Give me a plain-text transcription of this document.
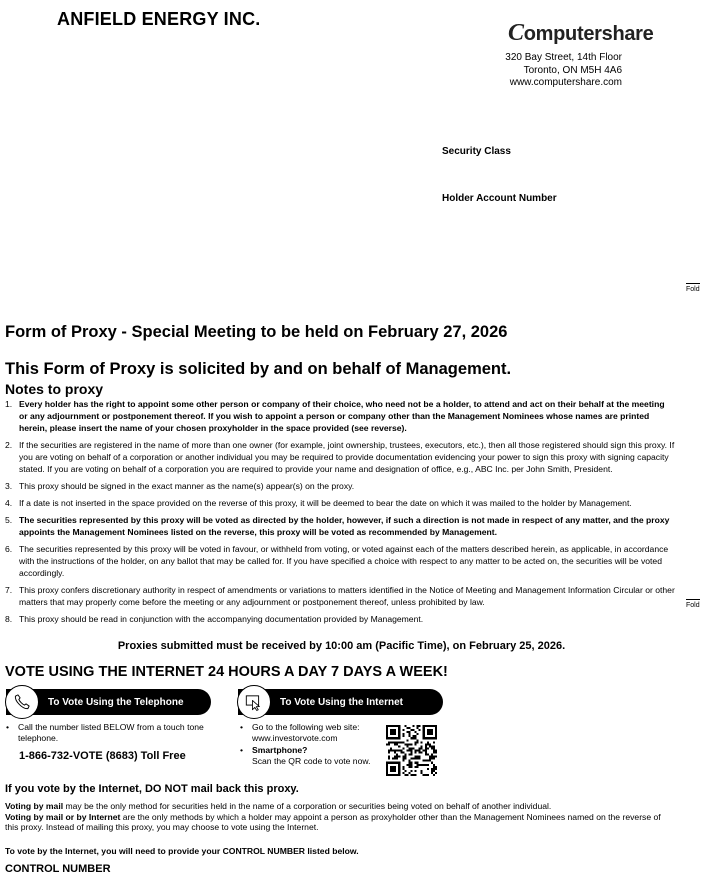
ANFIELD ENERGY INC.
Computershare
320 Bay Street, 14th Floor
Toronto, ON M5H 4A6
www.computershare.com
Security Class
Holder Account Number
Fold
Fold
Form of Proxy - Special Meeting to be held on February 27, 2026
This Form of Proxy is solicited by and on behalf of Management.
Notes to proxy
1. Every holder has the right to appoint some other person or company of their choice, who need not be a holder, to attend and act on their behalf at the meeting or any adjournment or postponement thereof. If you wish to appoint a person or company other than the Management Nominees whose names are printed herein, please insert the name of your chosen proxyholder in the space provided (see reverse).
2. If the securities are registered in the name of more than one owner (for example, joint ownership, trustees, executors, etc.), then all those registered should sign this proxy. If you are voting on behalf of a corporation or another individual you may be required to provide documentation evidencing your power to sign this proxy with signing capacity stated. If you are voting on behalf of a corporation you are required to provide your name and designation of office, e.g., ABC Inc. per John Smith, President.
3. This proxy should be signed in the exact manner as the name(s) appear(s) on the proxy.
4. If a date is not inserted in the space provided on the reverse of this proxy, it will be deemed to bear the date on which it was mailed to the holder by Management.
5. The securities represented by this proxy will be voted as directed by the holder, however, if such a direction is not made in respect of any matter, and the proxy appoints the Management Nominees listed on the reverse, this proxy will be voted as recommended by Management.
6. The securities represented by this proxy will be voted in favour, or withheld from voting, or voted against each of the matters described herein, as applicable, in accordance with the instructions of the holder, on any ballot that may be called for. If you have specified a choice with respect to any matter to be acted on, the securities will be voted accordingly.
7. This proxy confers discretionary authority in respect of amendments or variations to matters identified in the Notice of Meeting and Management Information Circular or other matters that may properly come before the meeting or any adjournment or postponement thereof, unless prohibited by law.
8. This proxy should be read in conjunction with the accompanying documentation provided by Management.
Proxies submitted must be received by 10:00 am (Pacific Time), on February 25, 2026.
VOTE USING THE INTERNET 24 HOURS A DAY 7 DAYS A WEEK!
To Vote Using the Telephone	To Vote Using the Internet
•	Call the number listed BELOW from a touch tone telephone.
1-866-732-VOTE (8683) Toll Free
•	Go to the following web site: www.investorvote.com
•	Smartphone?
Scan the QR code to vote now.
If you vote by the Internet, DO NOT mail back this proxy.
Voting by mail may be the only method for securities held in the name of a corporation or securities being voted on behalf of another individual.
Voting by mail or by Internet are the only methods by which a holder may appoint a person as proxyholder other than the Management Nominees named on the reverse of this proxy. Instead of mailing this proxy, you may choose to vote using the Internet.
To vote by the Internet, you will need to provide your CONTROL NUMBER listed below.
CONTROL NUMBER
